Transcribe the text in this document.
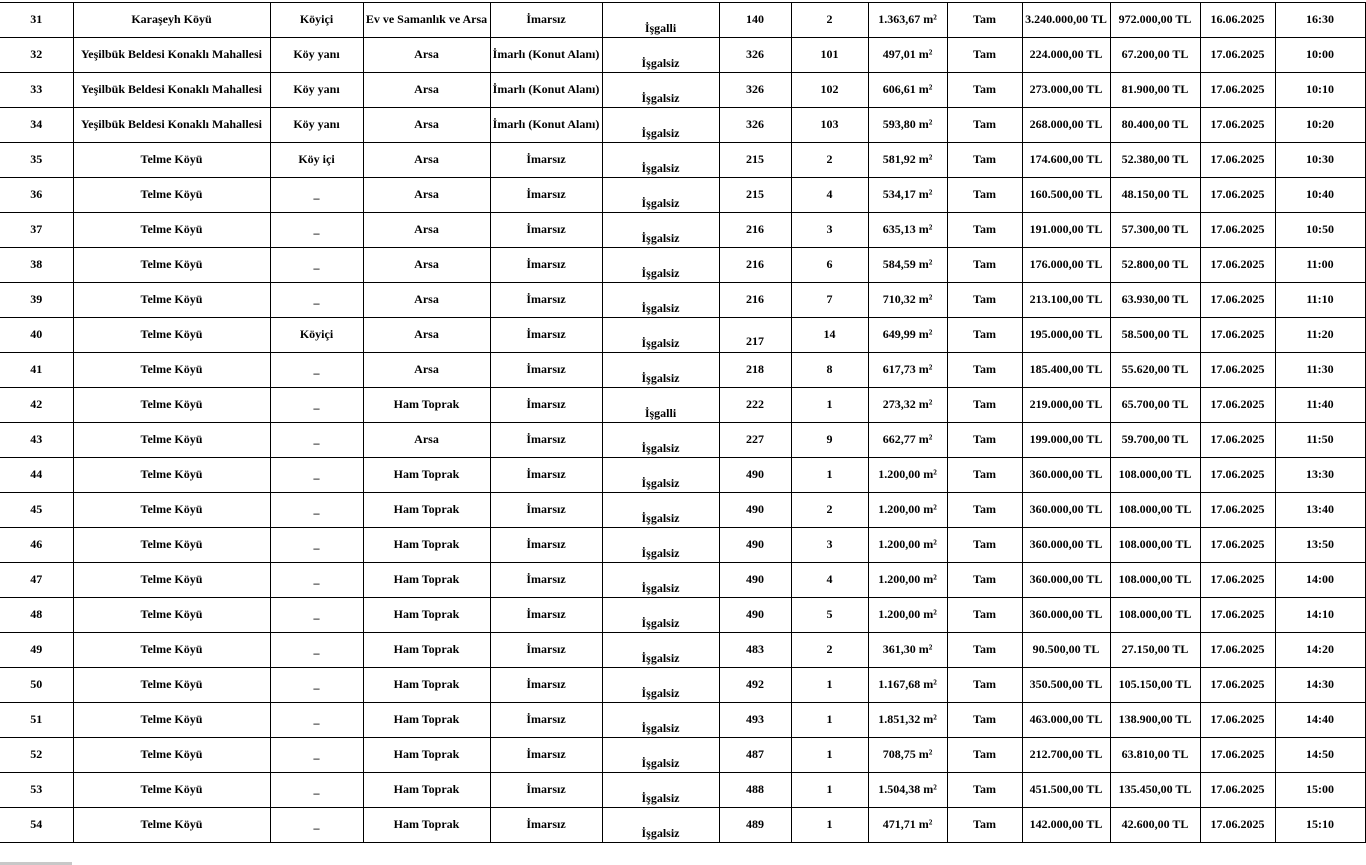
31	Karaşeyh Köyü	Köyiçi	Ev ve Samanlık ve Arsa	İmarsız	İşgalli	140	2	1.363,67 m²	Tam	3.240.000,00 TL	972.000,00 TL	16.06.2025	16:30

32	Yeşilbük Beldesi Konaklı Mahallesi	Köy yanı	Arsa	İmarlı (Konut Alanı)	İşgalsiz	326	101	497,01 m²	Tam	224.000,00 TL	67.200,00 TL	17.06.2025	10:00

33	Yeşilbük Beldesi Konaklı Mahallesi	Köy yanı	Arsa	İmarlı (Konut Alanı)	İşgalsiz	326	102	606,61 m²	Tam	273.000,00 TL	81.900,00 TL	17.06.2025	10:10

34	Yeşilbük Beldesi Konaklı Mahallesi	Köy yanı	Arsa	İmarlı (Konut Alanı)	İşgalsiz	326	103	593,80 m²	Tam	268.000,00 TL	80.400,00 TL	17.06.2025	10:20

35	Telme Köyü	Köy içi	Arsa	İmarsız	İşgalsiz	215	2	581,92 m²	Tam	174.600,00 TL	52.380,00 TL	17.06.2025	10:30

36	Telme Köyü	_	Arsa	İmarsız	İşgalsiz	215	4	534,17 m²	Tam	160.500,00 TL	48.150,00 TL	17.06.2025	10:40

37	Telme Köyü	_	Arsa	İmarsız	İşgalsiz	216	3	635,13 m²	Tam	191.000,00 TL	57.300,00 TL	17.06.2025	10:50

38	Telme Köyü	_	Arsa	İmarsız	İşgalsiz	216	6	584,59 m²	Tam	176.000,00 TL	52.800,00 TL	17.06.2025	11:00

39	Telme Köyü	_	Arsa	İmarsız	İşgalsiz	216	7	710,32 m²	Tam	213.100,00 TL	63.930,00 TL	17.06.2025	11:10

40	Telme Köyü	Köyiçi	Arsa	İmarsız	İşgalsiz	217	14	649,99 m²	Tam	195.000,00 TL	58.500,00 TL	17.06.2025	11:20

41	Telme Köyü	_	Arsa	İmarsız	İşgalsiz	218	8	617,73 m²	Tam	185.400,00 TL	55.620,00 TL	17.06.2025	11:30

42	Telme Köyü	_	Ham Toprak	İmarsız	İşgalli	222	1	273,32 m²	Tam	219.000,00 TL	65.700,00 TL	17.06.2025	11:40

43	Telme Köyü	_	Arsa	İmarsız	İşgalsiz	227	9	662,77 m²	Tam	199.000,00 TL	59.700,00 TL	17.06.2025	11:50

44	Telme Köyü	_	Ham Toprak	İmarsız	İşgalsiz	490	1	1.200,00 m²	Tam	360.000,00 TL	108.000,00 TL	17.06.2025	13:30

45	Telme Köyü	_	Ham Toprak	İmarsız	İşgalsiz	490	2	1.200,00 m²	Tam	360.000,00 TL	108.000,00 TL	17.06.2025	13:40

46	Telme Köyü	_	Ham Toprak	İmarsız	İşgalsiz	490	3	1.200,00 m²	Tam	360.000,00 TL	108.000,00 TL	17.06.2025	13:50

47	Telme Köyü	_	Ham Toprak	İmarsız	İşgalsiz	490	4	1.200,00 m²	Tam	360.000,00 TL	108.000,00 TL	17.06.2025	14:00

48	Telme Köyü	_	Ham Toprak	İmarsız	İşgalsiz	490	5	1.200,00 m²	Tam	360.000,00 TL	108.000,00 TL	17.06.2025	14:10

49	Telme Köyü	_	Ham Toprak	İmarsız	İşgalsiz	483	2	361,30 m²	Tam	90.500,00 TL	27.150,00 TL	17.06.2025	14:20

50	Telme Köyü	_	Ham Toprak	İmarsız	İşgalsiz	492	1	1.167,68 m²	Tam	350.500,00 TL	105.150,00 TL	17.06.2025	14:30

51	Telme Köyü	_	Ham Toprak	İmarsız	İşgalsiz	493	1	1.851,32 m²	Tam	463.000,00 TL	138.900,00 TL	17.06.2025	14:40

52	Telme Köyü	_	Ham Toprak	İmarsız	İşgalsiz	487	1	708,75 m²	Tam	212.700,00 TL	63.810,00 TL	17.06.2025	14:50

53	Telme Köyü	_	Ham Toprak	İmarsız	İşgalsiz	488	1	1.504,38 m²	Tam	451.500,00 TL	135.450,00 TL	17.06.2025	15:00

54	Telme Köyü	_	Ham Toprak	İmarsız	İşgalsiz	489	1	471,71 m²	Tam	142.000,00 TL	42.600,00 TL	17.06.2025	15:10
